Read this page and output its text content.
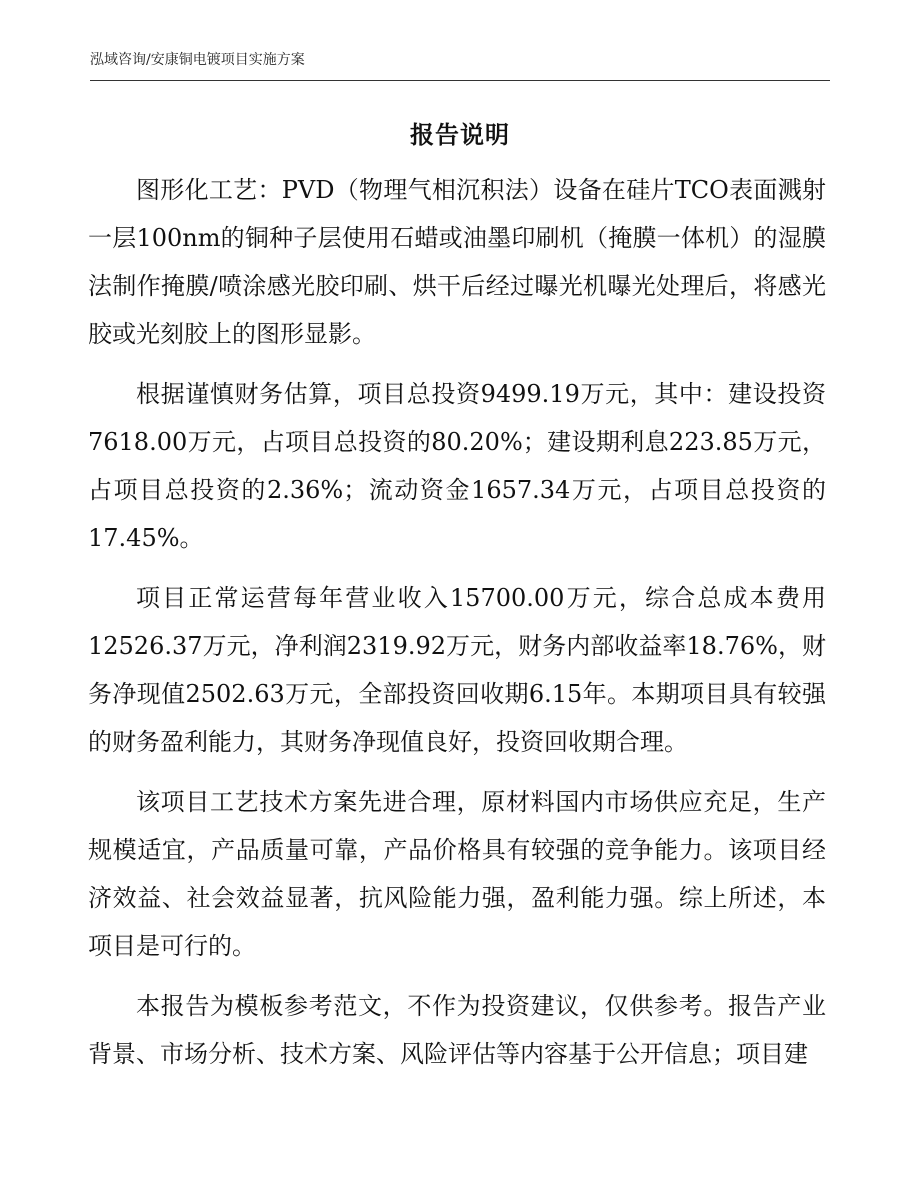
泓域咨询/安康铜电镀项目实施方案
报告说明

图形化工艺：PVD（物理气相沉积法）设备在硅片TCO表面溅射一层100nm的铜种子层使用石蜡或油墨印刷机（掩膜一体机）的湿膜法制作掩膜/喷涂感光胶印刷、烘干后经过曝光机曝光处理后，将感光胶或光刻胶上的图形显影。

根据谨慎财务估算，项目总投资9499.19万元，其中：建设投资7618.00万元，占项目总投资的80.20%；建设期利息223.85万元，占项目总投资的2.36%；流动资金1657.34万元，占项目总投资的17.45%。

项目正常运营每年营业收入15700.00万元，综合总成本费用12526.37万元，净利润2319.92万元，财务内部收益率18.76%，财务净现值2502.63万元，全部投资回收期6.15年。本期项目具有较强的财务盈利能力，其财务净现值良好，投资回收期合理。

该项目工艺技术方案先进合理，原材料国内市场供应充足，生产规模适宜，产品质量可靠，产品价格具有较强的竞争能力。该项目经济效益、社会效益显著，抗风险能力强，盈利能力强。综上所述，本项目是可行的。

本报告为模板参考范文，不作为投资建议，仅供参考。报告产业背景、市场分析、技术方案、风险评估等内容基于公开信息；项目建
